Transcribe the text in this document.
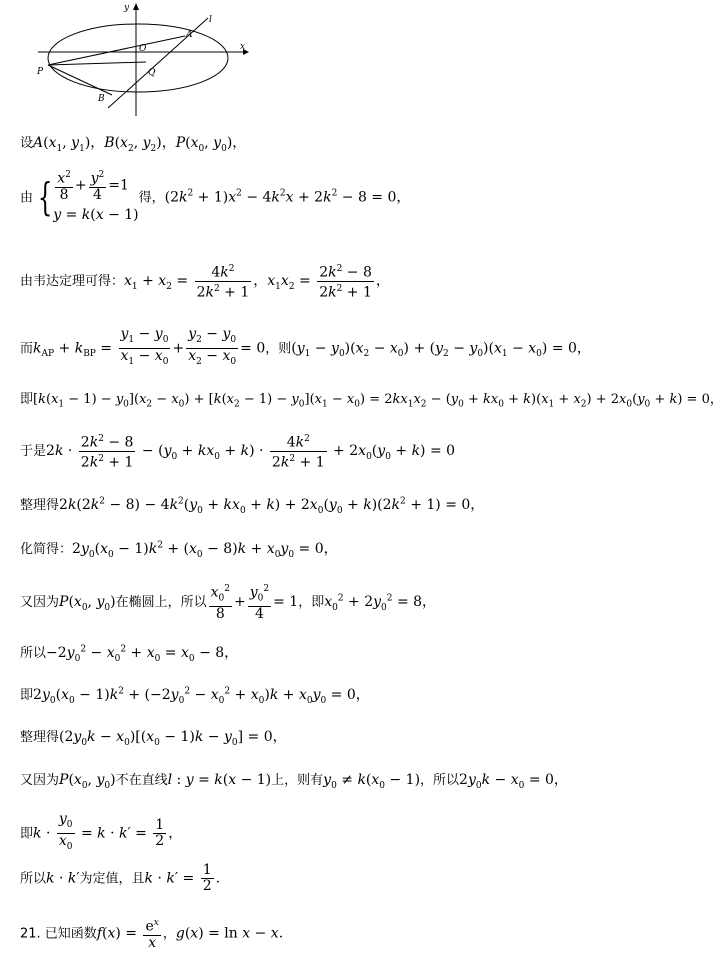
y
x
l
A
O
Q
P
B
设$A(x_1$, $y_1$)，$B(x_2$, $y_2$)，$P(x_0$, $y_0$)，
由 { $\frac{x^2}{8} + \frac{y^2}{4} =1$
y = k(x − 1)
得，$(2k^2 + 1)x^2 - 4k^2x + 2k^2 - 8 = 0$，
由韦达定理可得：$x_1 + x_2 = \frac{4k^2}{2k^2 + 1}$ ，$x_1x_2 = \frac{2k^2 - 8}{2k^2 + 1}$ ，
而$k_{AP} + k_{BP} = \frac{y_1 - y_0}{x_1 - x_0} + \frac{y_2 - y_0}{x_2 - x_0} = 0$，则$(y_1 - y_0)(x_2 - x_0) + (y_2 - y_0)(x_1 - x_0) = 0$，
即$[k(x_1 - 1) - y_0](x_2 - x_0) + [k(x_2 - 1) - y_0](x_1 - x_0) = 2kx_1x_2 - (y_0 + kx_0 + k)(x_1 + x_2) + 2x_0(y_0 + k) = 0$，
于是$2k \cdot \frac{2k^2 - 8}{2k^2 + 1} - (y_0 + kx_0 + k) \cdot \frac{4k^2}{2k^2 + 1} + 2x_0(y_0 + k) = 0$
整理得$2k(2k^2 - 8) - 4k^2(y_0 + kx_0 + k) + 2x_0(y_0 + k)(2k^2 + 1) = 0$，
化简得：$2y_0(x_0 - 1)k^2 + (x_0 - 8)k + x_0y_0 = 0$，
又因为$P(x_0$, $y_0$)在椭圆上，所以 $\frac{x_0^2}{8} + \frac{y_0^2}{4} = 1$，即$x_0^2 + 2y_0^2 = 8$，
所以$-2y_0^2 - x_0^2 + x_0 = x_0 - 8$，
即$2y_0(x_0 - 1)k^2 + (-2y_0^2 - x_0^2 + x_0)k + x_0y_0 = 0$，
整理得$(2y_0k - x_0)[(x_0 - 1)k - y_0] = 0$，
又因为$P(x_0$, $y_0$)不在直线l : y = k(x − 1)上，则有$y_0 \ne k(x_0 - 1)$，所以$2y_0k - x_0 = 0$，
即$k \cdot \frac{y_0}{x_0} = k \cdot k' = \frac{1}{2}$ ，
所以k · k′为定值，且$k \cdot k' = \frac{1}{2}$ .
21. 已知函数$f(x) = \frac{e^x}{x}$ ，g(x) = ln x − x.
